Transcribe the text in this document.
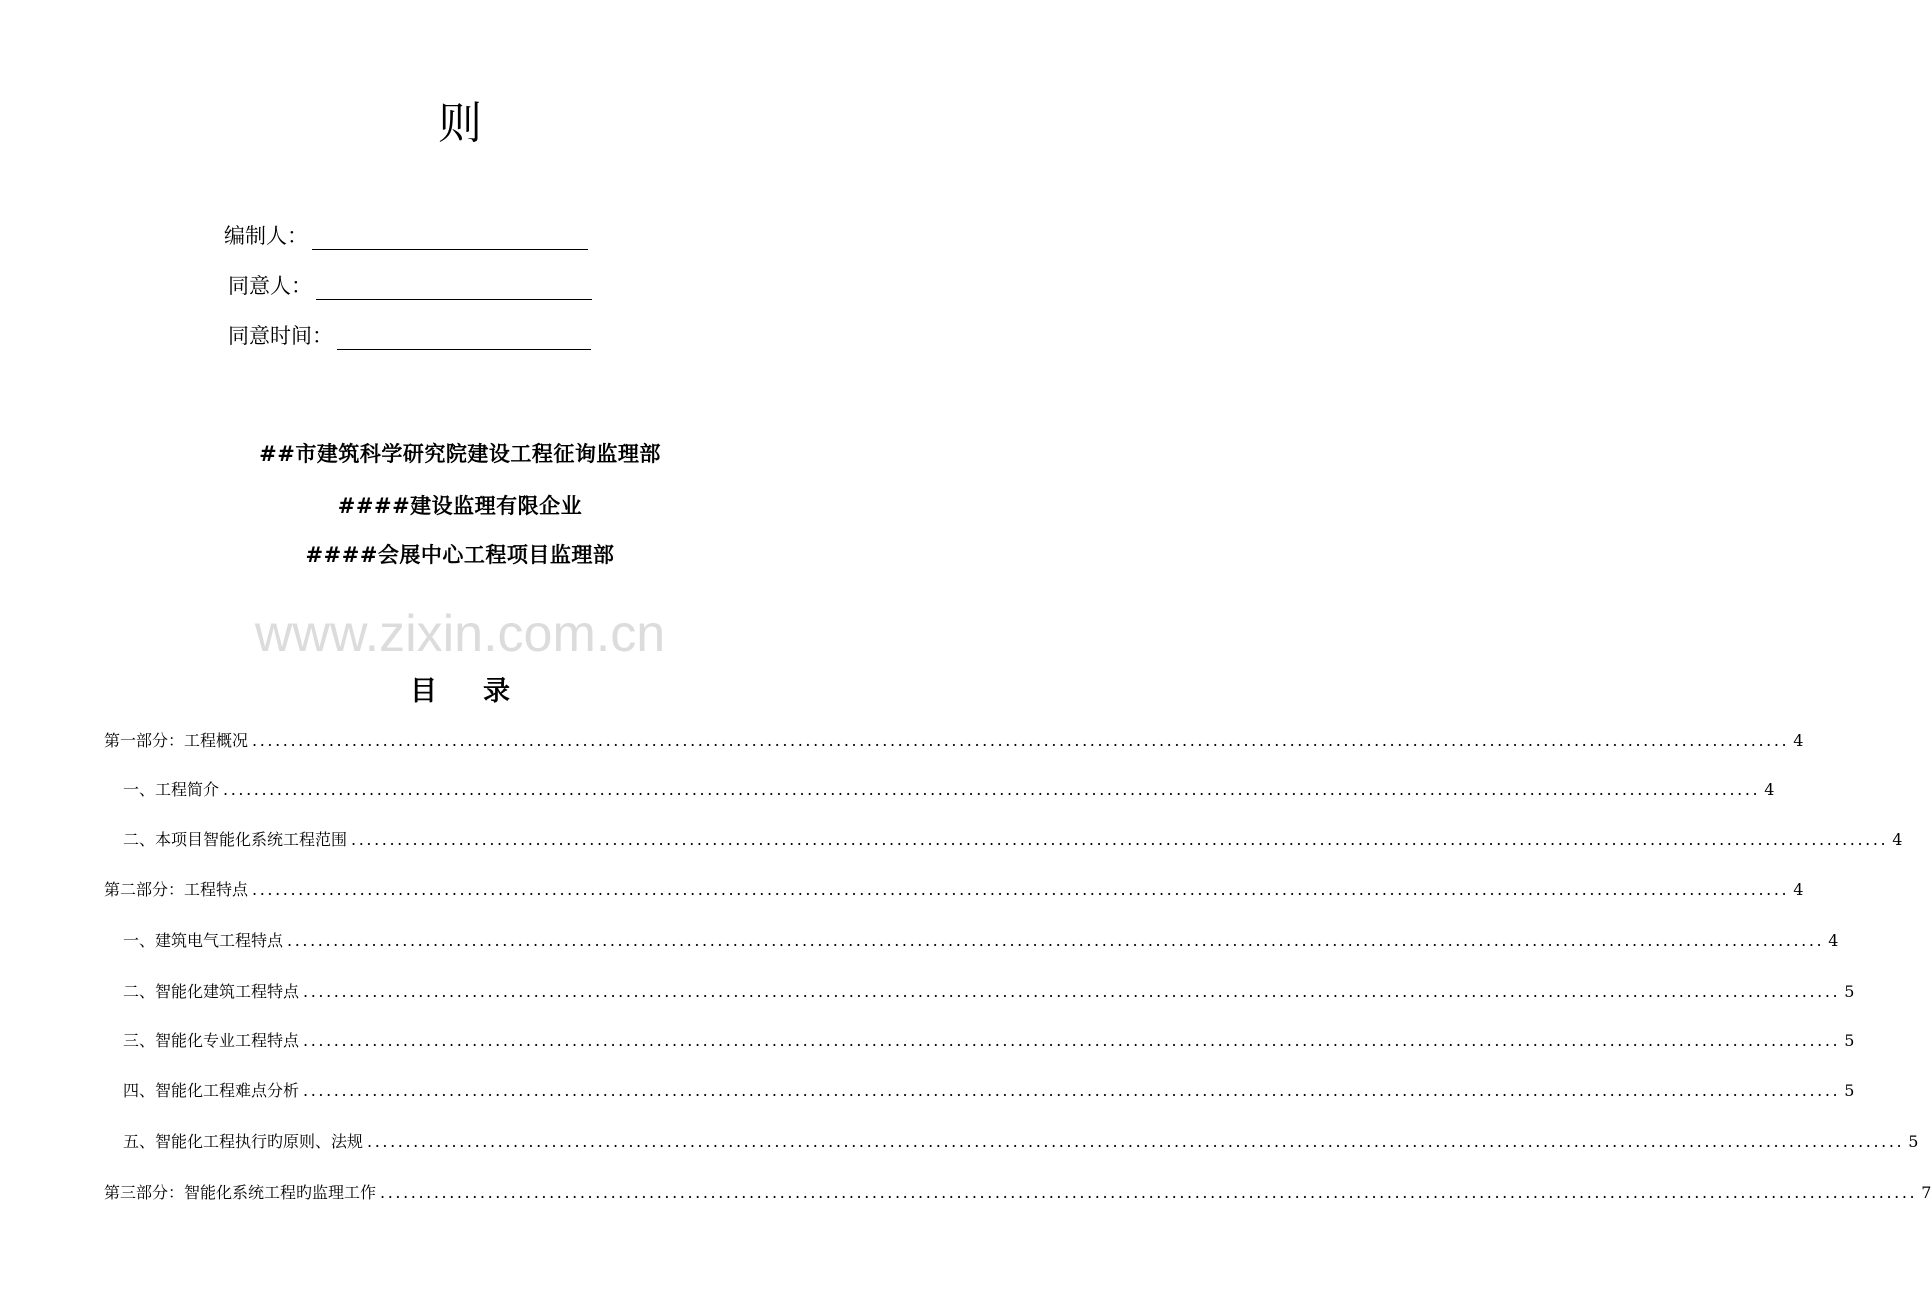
则
编制人：
同意人：
同意时间：
##市建筑科学研究院建设工程征询监理部
####建设监理有限企业
####会展中心工程项目监理部
www.zixin.com.cn
目 录
第一部分：工程概况 ........................................................................................................................................................................................................ 4
一、工程简介 ........................................................................................................................................................................................................ 4
二、本项目智能化系统工程范围 ........................................................................................................................................................................................................ 4
第二部分：工程特点 ........................................................................................................................................................................................................ 4
一、建筑电气工程特点 ........................................................................................................................................................................................................ 4
二、智能化建筑工程特点 ........................................................................................................................................................................................................ 5
三、智能化专业工程特点 ........................................................................................................................................................................................................ 5
四、智能化工程难点分析 ........................................................................................................................................................................................................ 5
五、智能化工程执行旳原则、法规 ........................................................................................................................................................................................................ 5
第三部分：智能化系统工程旳监理工作 ........................................................................................................................................................................................................ 7
